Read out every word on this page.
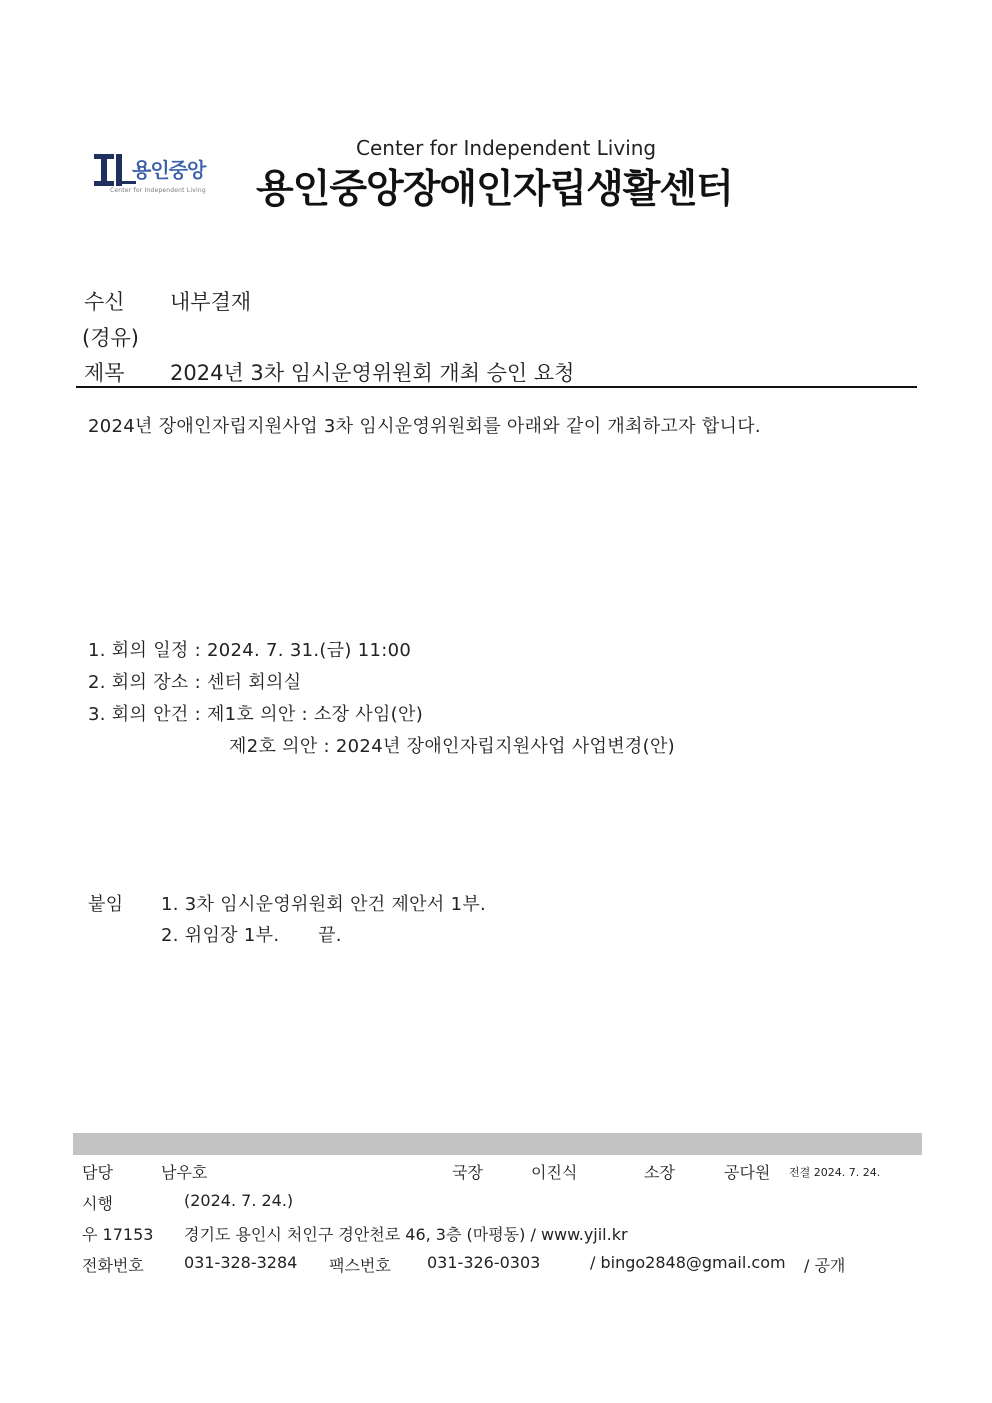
용인중앙
Center for Independent Living
Center for Independent Living
용인중앙장애인자립생활센터
수신 내부결재
(경유)
제목 2024년 3차 임시운영위원회 개최 승인 요청
2024년 장애인자립지원사업 3차 임시운영위원회를 아래와 같이 개최하고자 합니다.
1. 회의 일정 : 2024. 7. 31.(금) 11:00
2. 회의 장소 : 센터 회의실
3. 회의 안건 : 제1호 의안 : 소장 사임(안)
제2호 의안 : 2024년 장애인자립지원사업 사업변경(안)
붙임 1. 3차 임시운영위원회 안건 제안서 1부.
2. 위임장 1부. 끝.
담당	남우호	국장	이진식	소장	공다원 전결 2024. 7. 24.
시행	(2024. 7. 24.)
우 17153 경기도 용인시 처인구 경안천로 46, 3층 (마평동) / www.yjil.kr
전화번호	031-328-3284 팩스번호 031-326-0303	/ bingo2848@gmail.com / 공개
